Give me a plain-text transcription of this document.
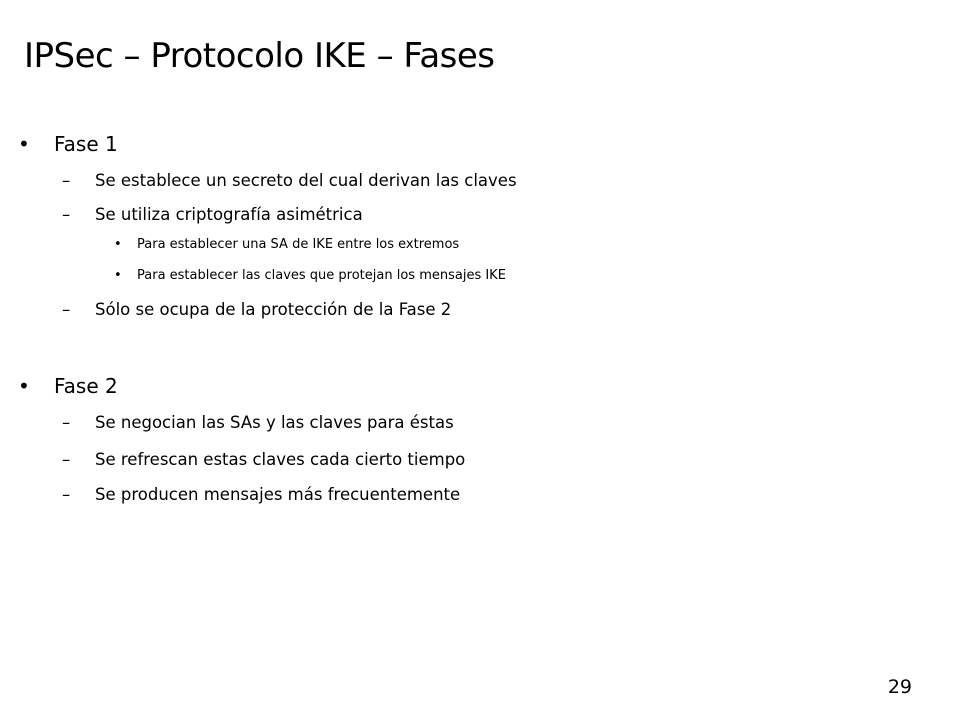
IPSec – Protocolo IKE – Fases
• Fase 1
– Se establece un secreto del cual derivan las claves
– Se utiliza criptografía asimétrica
• Para establecer una SA de IKE entre los extremos
• Para establecer las claves que protejan los mensajes IKE
– Sólo se ocupa de la protección de la Fase 2
• Fase 2
– Se negocian las SAs y las claves para éstas
– Se refrescan estas claves cada cierto tiempo
– Se producen mensajes más frecuentemente
29
